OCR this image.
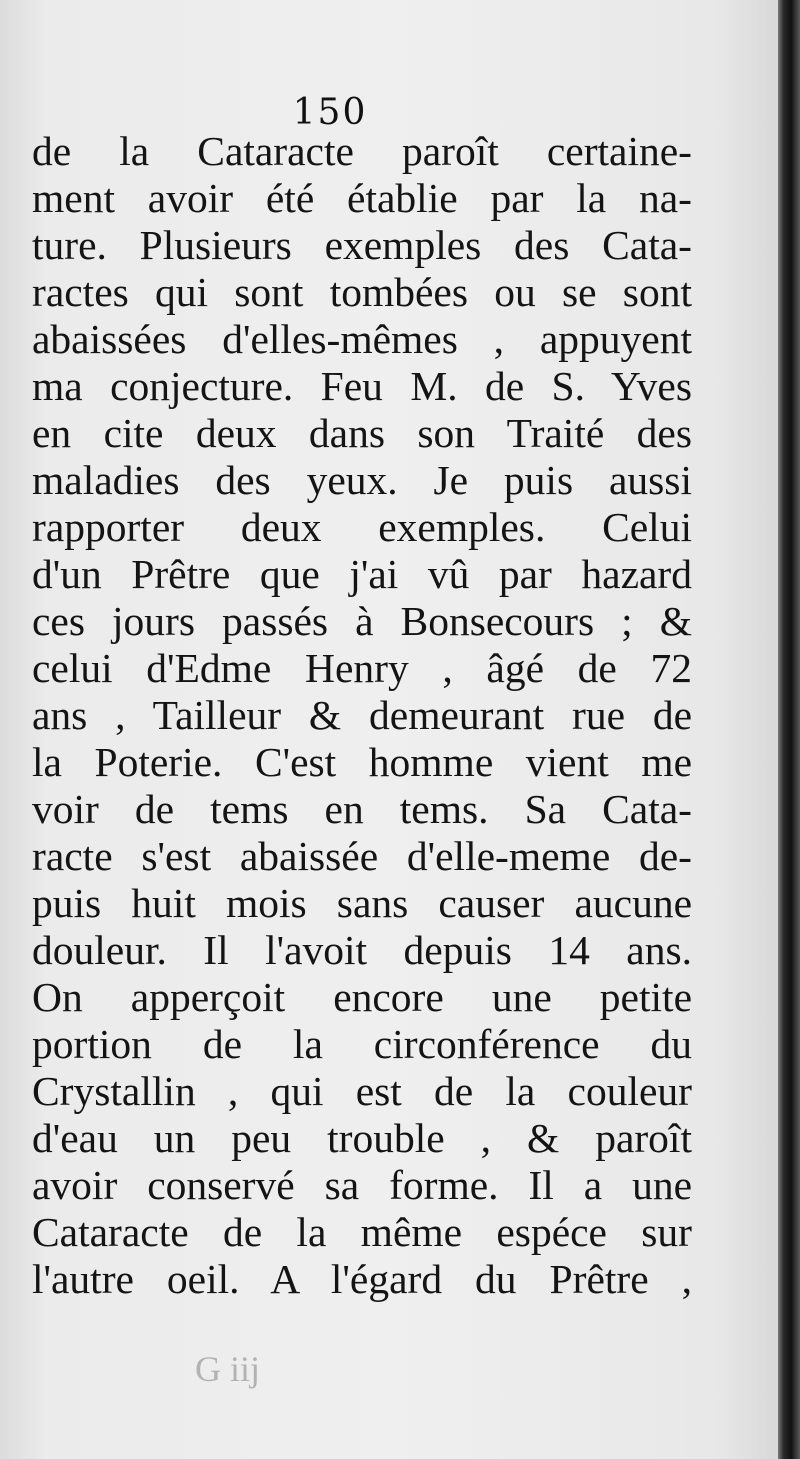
150
de la Cataracte paroît certaine-
ment avoir été établie par la na-
ture. Plusieurs exemples des Cata-
ractes qui sont tombées ou se sont
abaissées d'elles-mêmes , appuyent
ma conjecture. Feu M. de S. Yves
en cite deux dans son Traité des
maladies des yeux. Je puis aussi
rapporter deux exemples. Celui
d'un Prêtre que j'ai vû par hazard
ces jours passés à Bonsecours ; &
celui d'Edme Henry , âgé de 72
ans , Tailleur & demeurant rue de
la Poterie. C'est homme vient me
voir de tems en tems. Sa Cata-
racte s'est abaissée d'elle-meme de-
puis huit mois sans causer aucune
douleur. Il l'avoit depuis 14 ans.
On apperçoit encore une petite
portion de la circonférence du
Crystallin , qui est de la couleur
d'eau un peu trouble , & paroît
avoir conservé sa forme. Il a une
Cataracte de la même espéce sur
l'autre oeil. A l'égard du Prêtre ,
G iij
